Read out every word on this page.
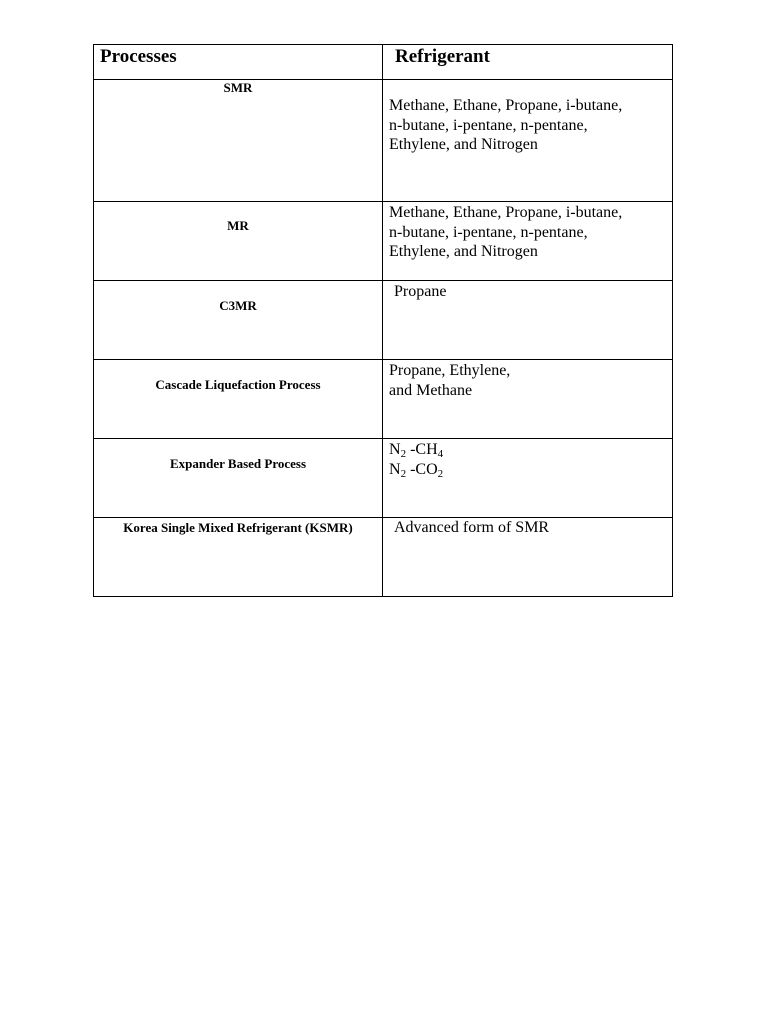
Processes	Refrigerant

SMR	Methane, Ethane, Propane, i-butane,
n-butane, i-pentane, n-pentane,
Ethylene, and Nitrogen

MR	Methane, Ethane, Propane, i-butane,
n-butane, i-pentane, n-pentane,
Ethylene, and Nitrogen

C3MR	Propane

Cascade Liquefaction Process	Propane, Ethylene,
and Methane

Expander Based Process	$N_2$ $-CH_4$
$N_2$ $-CO_2$

Korea Single Mixed Refrigerant (KSMR)	Advanced form of SMR
